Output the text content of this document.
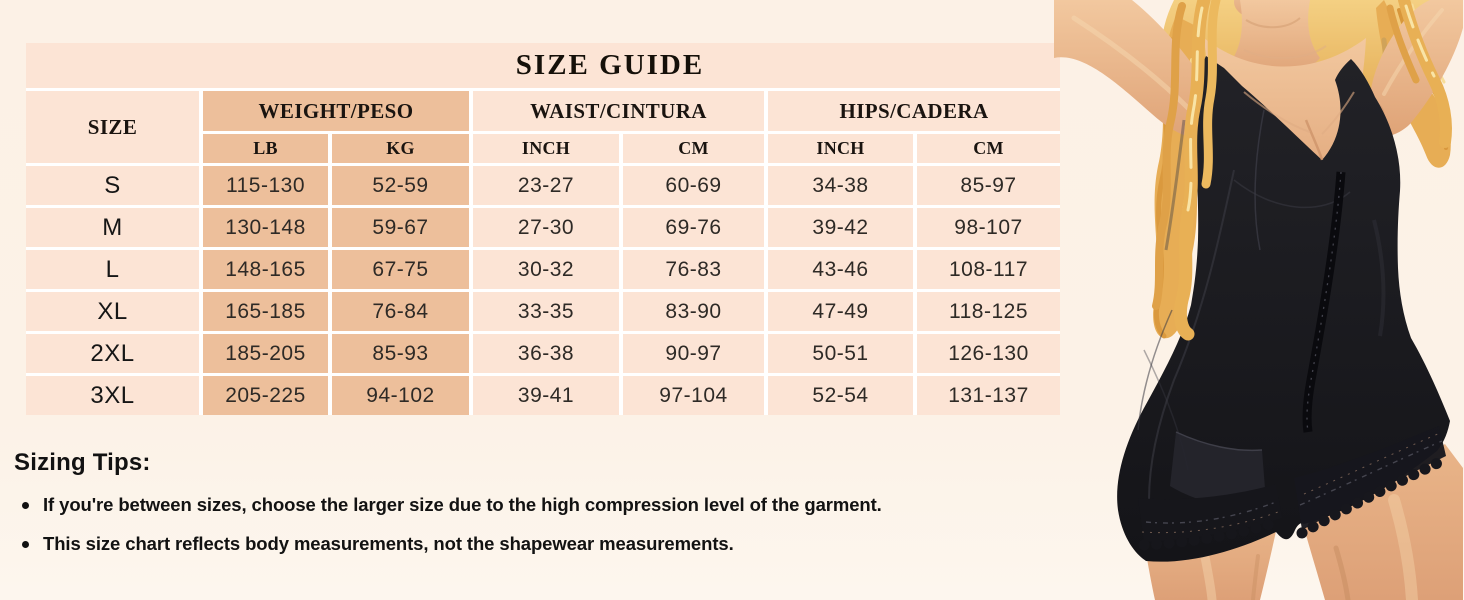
SIZE GUIDE
SIZE
WEIGHT/PESO	WAIST/CINTURA	HIPS/CADERA
LB	KG	INCH	CM	INCH	CM
S	115-130	52-59	23-27	60-69	34-38	85-97
M	130-148	59-67	27-30	69-76	39-42	98-107
L	148-165	67-75	30-32	76-83	43-46	108-117
XL	165-185	76-84	33-35	83-90	47-49	118-125
2XL	185-205	85-93	36-38	90-97	50-51	126-130
3XL	205-225	94-102	39-41	97-104	52-54	131-137
Sizing Tips:
If you're between sizes, choose the larger size due to the high compression level of the garment.
This size chart reflects body measurements, not the shapewear measurements.
